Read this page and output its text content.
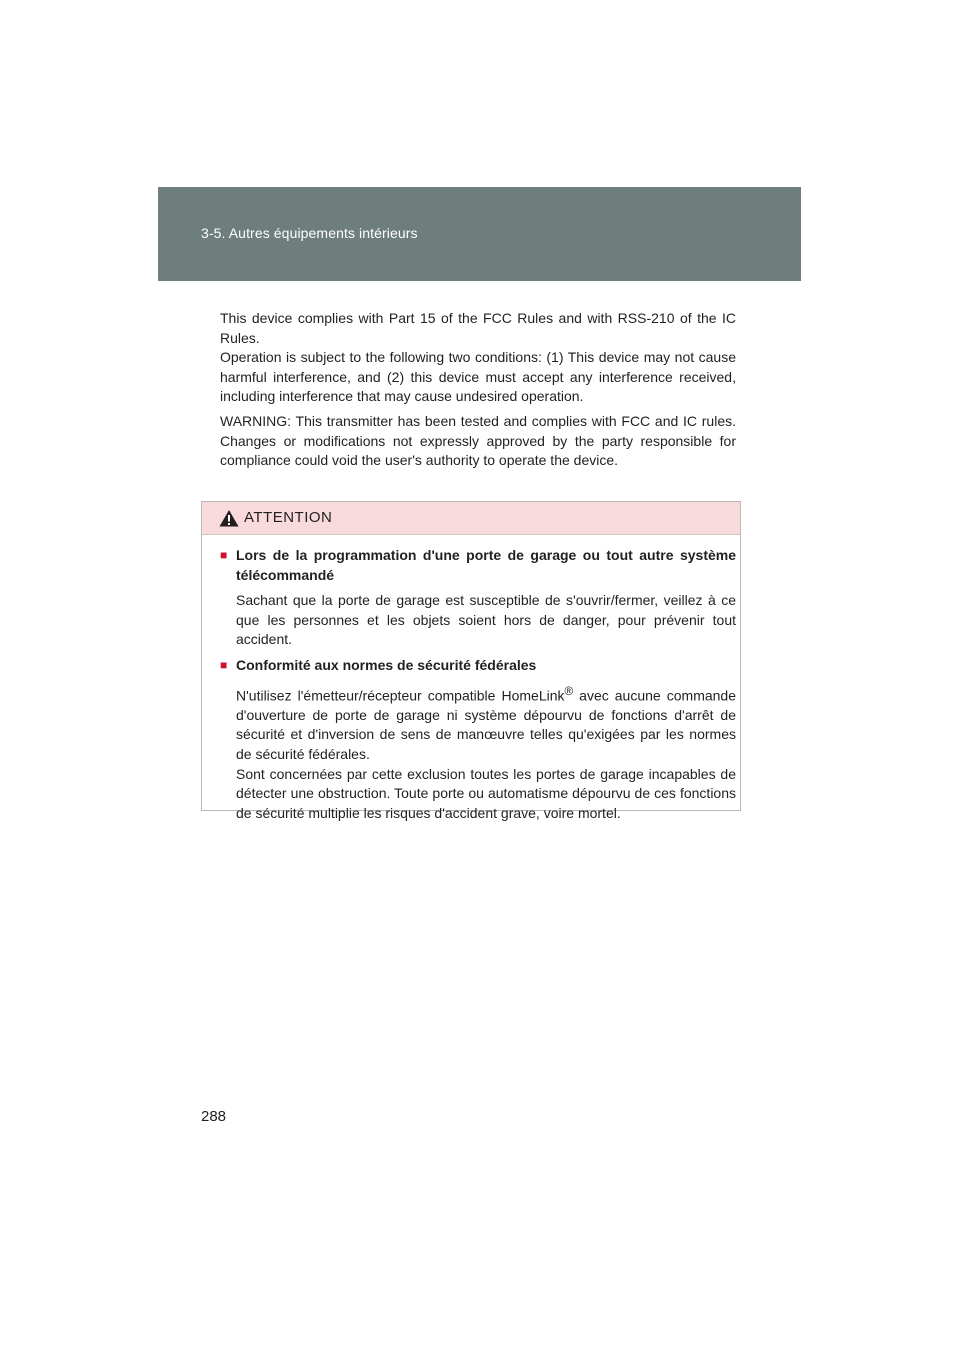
3-5. Autres équipements intérieurs

This device complies with Part 15 of the FCC Rules and with RSS-210 of the IC Rules.
Operation is subject to the following two conditions: (1) This device may not cause harmful interference, and (2) this device must accept any interference received, including interference that may cause undesired operation.

WARNING: This transmitter has been tested and complies with FCC and IC rules. Changes or modifications not expressly approved by the party responsible for compliance could void the user's authority to operate the device.

ATTENTION
■ Lors de la programmation d'une porte de garage ou tout autre système télécommandé

Sachant que la porte de garage est susceptible de s'ouvrir/fermer, veillez à ce que les personnes et les objets soient hors de danger, pour prévenir tout accident.

■ Conformité aux normes de sécurité fédérales

N'utilisez l'émetteur/récepteur compatible HomeLink® avec aucune commande d'ouverture de porte de garage ni système dépourvu de fonctions d'arrêt de sécurité et d'inversion de sens de manœuvre telles qu'exigées par les normes de sécurité fédérales.
Sont concernées par cette exclusion toutes les portes de garage incapables de détecter une obstruction. Toute porte ou automatisme dépourvu de ces fonctions de sécurité multiplie les risques d'accident grave, voire mortel.

288
